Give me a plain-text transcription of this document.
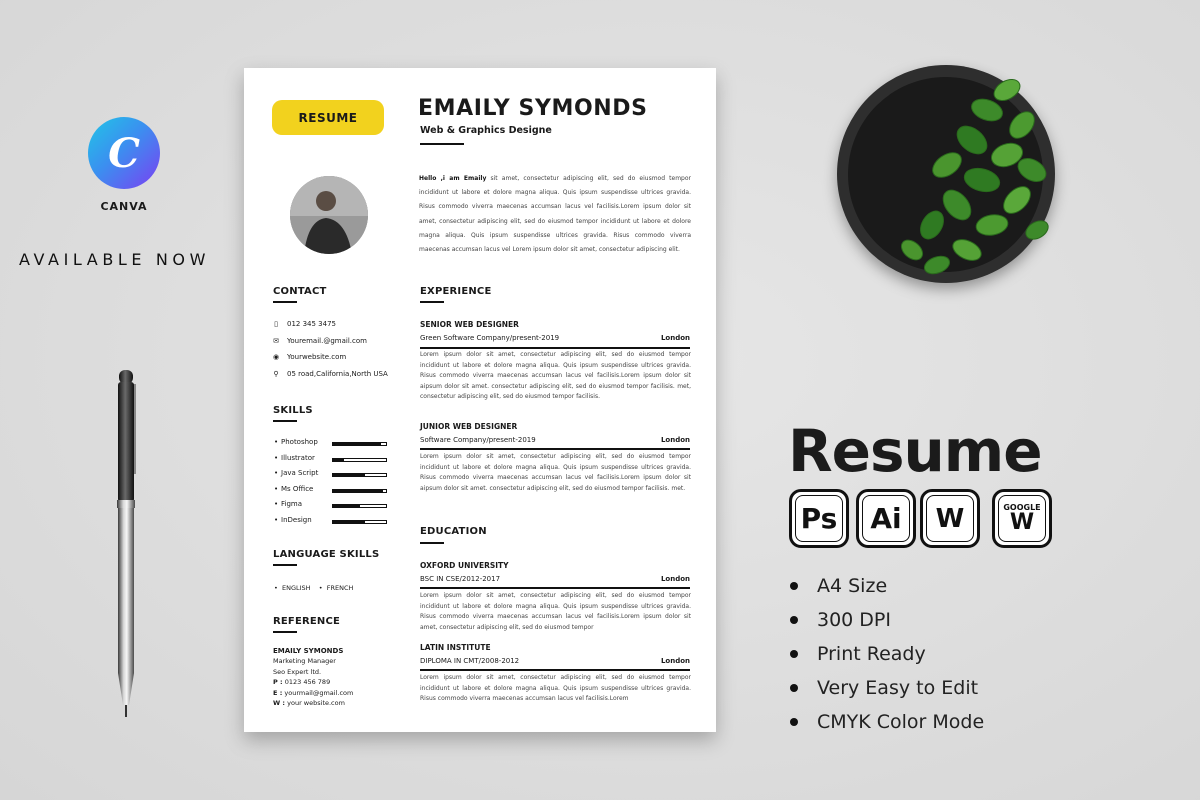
C
CANVA
AVAILABLE NOW
RESUME	EMAILY SYMONDS
Web & Graphics Designe
Hello ,i am Emaily sit amet, consectetur adipiscing elit, sed do eiusmod tempor incididunt ut labore et dolore magna aliqua. Quis ipsum suspendisse ultrices gravida. Risus commodo viverra maecenas accumsan lacus vel facilisis.Lorem ipsum dolor sit amet, consectetur adipiscing elit, sed do eiusmod tempor incididunt ut labore et dolore magna aliqua. Quis ipsum suspendisse ultrices gravida. Risus commodo viverra maecenas accumsan lacus vel Lorem ipsum dolor sit amet, consectetur adipiscing elit.
CONTACT
▯ 012 345 3475
✉ Youremail.@gmail.com
◉ Yourwebsite.com
⚲ 05 road,California,North USA
SKILLS
• Photoshop
• Illustrator
• Java Script
• Ms Office
• Figma
• InDesign
LANGUAGE SKILLS
•  ENGLISH    •  FRENCH
REFERENCE
EMAILY SYMONDS
Marketing Manager
Seo Expert ltd.
P : 0123 456 789
E : yourmail@gmail.com
W : your website.com
EXPERIENCE
SENIOR WEB DESIGNER
Green Software Company/present-2019	London
Lorem ipsum dolor sit amet, consectetur adipiscing elit, sed do eiusmod tempor incididunt ut labore et dolore magna aliqua. Quis ipsum suspendisse ultrices gravida. Risus commodo viverra maecenas accumsan lacus vel facilisis.Lorem ipsum dolor sit aipsum dolor sit amet. consectetur adipiscing elit, sed do eiusmod tempor facilisis. met, consectetur adipiscing elit, sed do eiusmod tempor facilisis.
JUNIOR WEB DESIGNER
Software Company/present-2019	London
Lorem ipsum dolor sit amet, consectetur adipiscing elit, sed do eiusmod tempor incididunt ut labore et dolore magna aliqua. Quis ipsum suspendisse ultrices gravida. Risus commodo viverra maecenas accumsan lacus vel facilisis.Lorem ipsum dolor sit aipsum dolor sit amet. consectetur adipiscing elit, sed do eiusmod tempor facilisis. met.
EDUCATION
OXFORD UNIVERSITY
BSC IN CSE/2012-2017	London
Lorem ipsum dolor sit amet, consectetur adipiscing elit, sed do eiusmod tempor incididunt ut labore et dolore magna aliqua. Quis ipsum suspendisse ultrices gravida. Risus commodo viverra maecenas accumsan lacus vel facilisis.Lorem ipsum dolor sit amet, consectetur adipiscing elit, sed do eiusmod tempor
LATIN INSTITUTE
DIPLOMA IN CMT/2008-2012	London
Lorem ipsum dolor sit amet, consectetur adipiscing elit, sed do eiusmod tempor incididunt ut labore et dolore magna aliqua. Quis ipsum suspendisse ultrices gravida. Risus commodo viverra maecenas accumsan lacus vel facilisis.Lorem
Resume
Ps Ai W	GOOGLE
W
A4 Size
300 DPI
Print Ready
Very Easy to Edit
CMYK Color Mode
